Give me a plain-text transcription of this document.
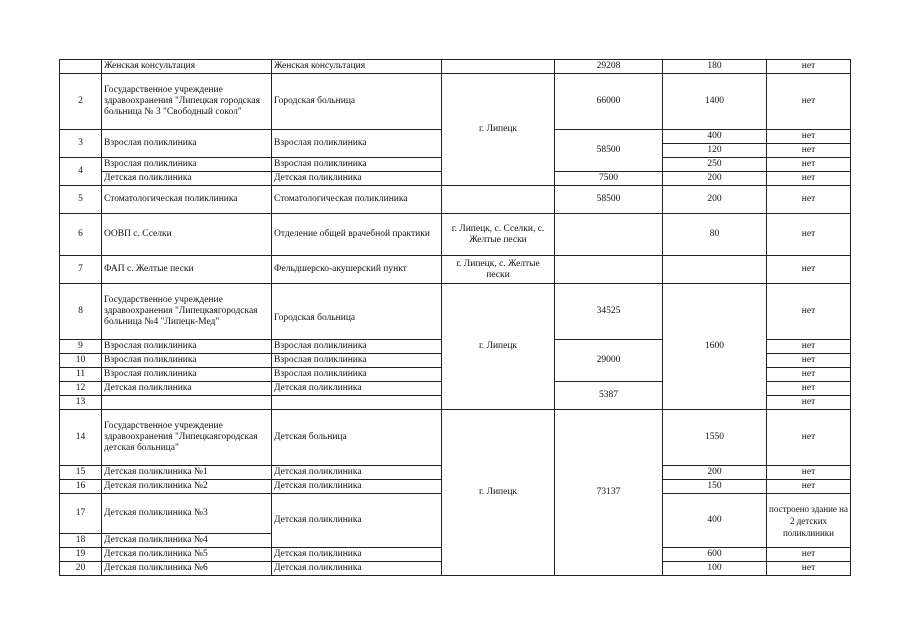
	Женская консультация	Женская консультация		29208	180	нет
2	Государственное учреждение здравоохранения "Липецкая городская больница № 3 "Свободный сокол"	Городская больница	г. Липецк	66000	1400	нет
3	Взрослая поликлиника	Взрослая поликлиника		58500	400	нет
					120	нет
4	Взрослая поликлиника	Взрослая поликлиника			250	нет
	Детская поликлиника	Детская поликлиника		7500	200	нет
5	Стоматологическая поликлиника	Стоматологическая поликлиника		58500	200	нет
6	ООВП с. Сселки	Отделение общей врачебной практики	г. Липецк, с. Сселки, с. Желтые пески		80	нет
7	ФАП с. Желтые пески	Фельдшерско-акушерский пункт	г. Липецк, с. Желтые пески			нет
8	Государственное учреждение здравоохранения "Липецкаягородская больница №4 "Липецк-Мед"	Городская больница	г. Липецк	34525	1600	нет
9	Взрослая поликлиника	Взрослая поликлиника		29000		нет
10	Взрослая поликлиника	Взрослая поликлиника				нет
11	Взрослая поликлиника	Взрослая поликлиника				нет
12	Детская поликлиника	Детская поликлиника		5387		нет
13						нет
14	Государственное учреждение здравоохранения "Липецкаягородская детская больница"	Детская больница	г. Липецк	73137	1550	нет
15	Детская поликлиника №1	Детская поликлиника			200	нет
16	Детская поликлиника №2	Детская поликлиника			150	нет
17	Детская поликлиника №3	Детская поликлиника			400	построено здание на 2 детских поликлиники
18	Детская поликлиника №4					
19	Детская поликлиника №5	Детская поликлиника			600	нет
20	Детская поликлиника №6	Детская поликлиника			100	нет
